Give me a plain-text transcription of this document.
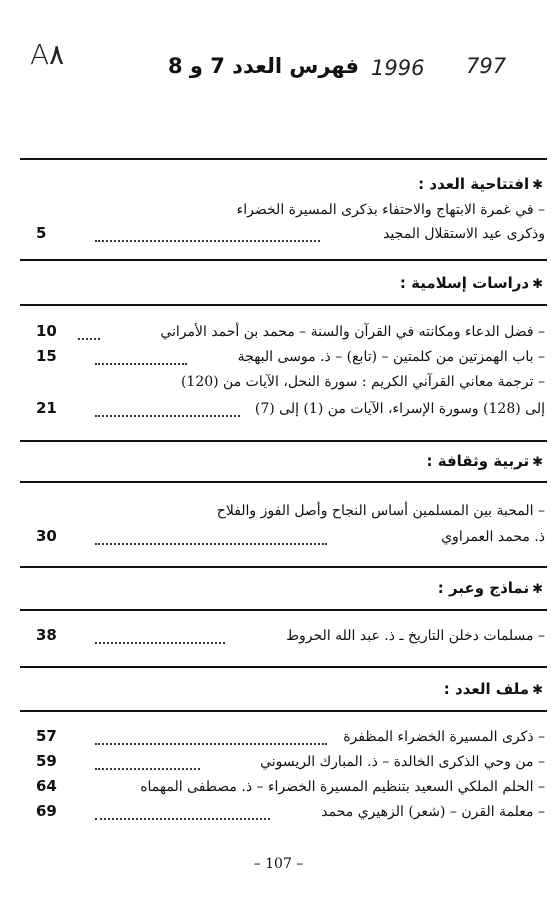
A٨	فهرس العدد 7 و 8 1996 797
✱افتتاحية العدد :
– في غمرة الابتهاج والاحتفاء بذكرى المسيرة الخضراء
وذكرى عيد الاستقلال المجيد
5
✱دراسات إسلامية :
– فضل الدعاء ومكانته في القرآن والسنة – محمد بن أحمد الأمراني
10
– باب الهمزتين من كلمتين – (تابع) – ذ. موسى البهجة
15
– ترجمة معاني القرآني الكريم : سورة النحل، الآيات من (120)
إلى (128) وسورة الإسراء، الآيات من (1) إلى (7)
21
✱تربية وثقافة :
– المحبة بين المسلمين أساس النجاح وأصل الفوز والفلاح
ذ. محمد العمراوي
30
✱نماذج وعبر :
– مسلمات دخلن التاريخ ـ ذ. عبد الله الحروط
38
✱ملف العدد :
– ذكرى المسيرة الخضراء المظفرة
57
– من وحي الذكرى الخالدة – ذ. المبارك الريسوني
59
– الحلم الملكي السعيد بتنظيم المسيرة الخضراء – ذ. مصطفى المهماه
64
– معلمة القرن – (شعر) الزهيري محمد
69
– 107 –
